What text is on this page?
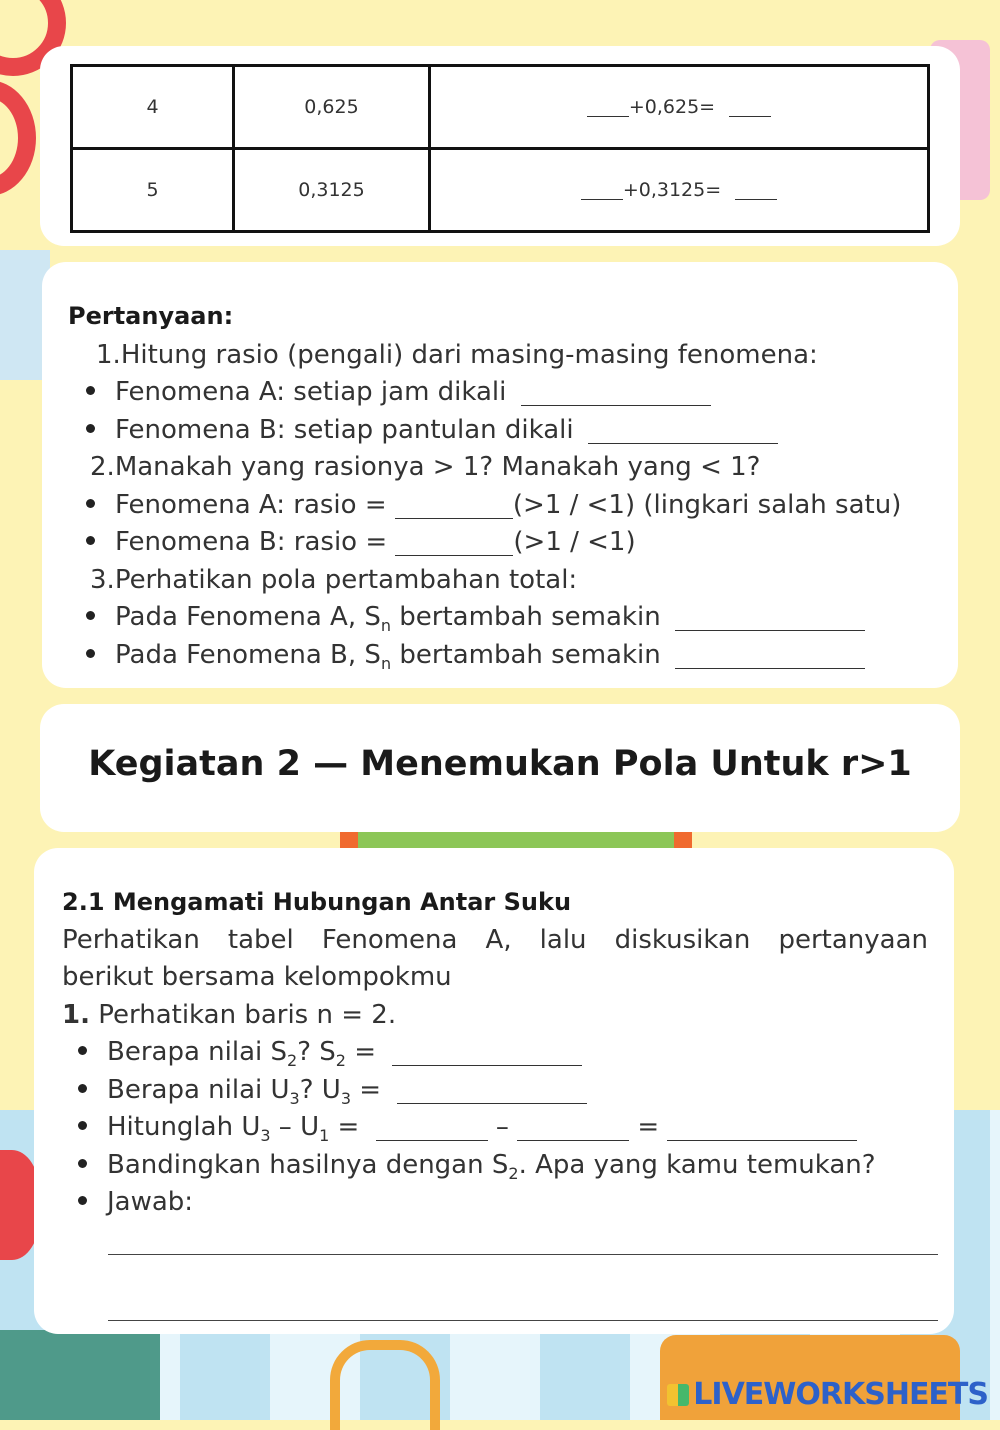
4	0,625	+0,625=
5	0,3125	+0,3125=
Pertanyaan:
1.Hitung rasio (pengali) dari masing-masing fenomena:
Fenomena A: setiap jam dikali
Fenomena B: setiap pantulan dikali
2.Manakah yang rasionya > 1? Manakah yang < 1?
Fenomena A: rasio =	(>1 / <1) (lingkari salah satu)
Fenomena B: rasio =	(>1 / <1)
3.Perhatikan pola pertambahan total:
Pada Fenomena A, $S_n$ bertambah semakin
Pada Fenomena B, $S_n$ bertambah semakin
Kegiatan 2 — Menemukan Pola Untuk r>1
2.1 Mengamati Hubungan Antar Suku
Perhatikan tabel Fenomena A, lalu diskusikan pertanyaan
berikut bersama kelompokmu
1. Perhatikan baris n = 2.
Berapa nilai $S_2$? $S_2$ =
Berapa nilai $U_3$? $U_3$ =
Hitunglah $U_3 - U_1$ =	–	=
Bandingkan hasilnya dengan $S_2$. Apa yang kamu temukan?
Jawab:
LIVEWORKSHEETS
